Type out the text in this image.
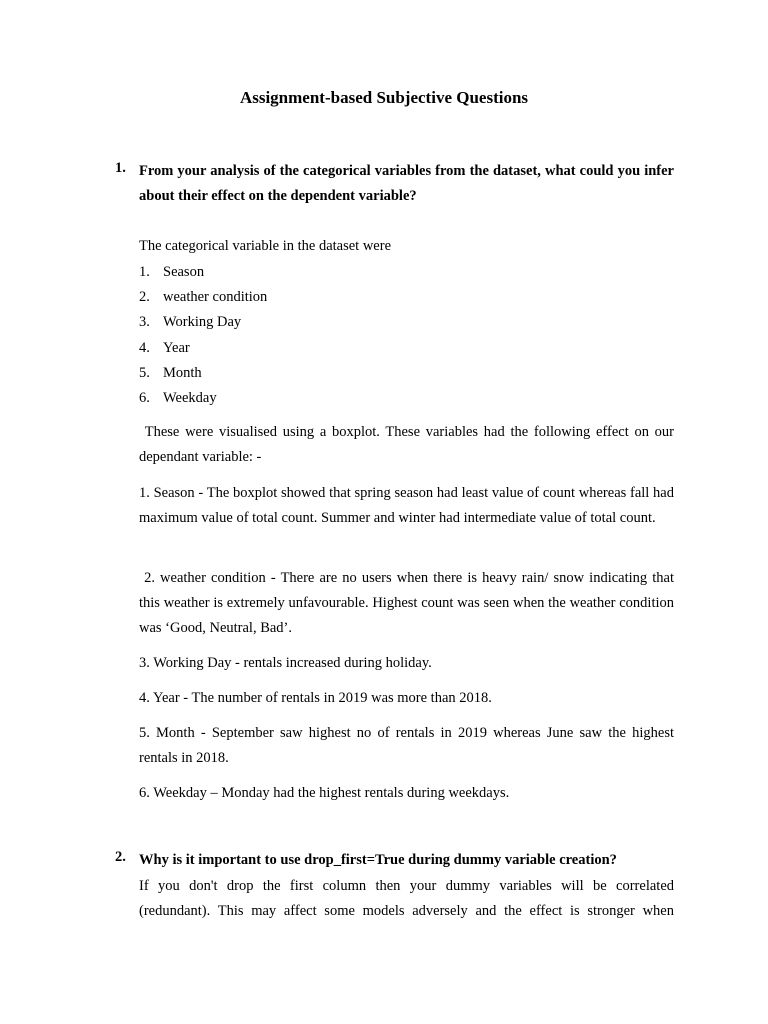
Assignment-based Subjective Questions
1. From your analysis of the categorical variables from the dataset, what could you infer about their effect on the dependent variable?

The categorical variable in the dataset were

1. Season
2. weather condition
3. Working Day
4. Year
5. Month
6. Weekday

These were visualised using a boxplot. These variables had the following effect on our dependant variable: -

1. Season - The boxplot showed that spring season had least value of count whereas fall had maximum value of total count. Summer and winter had intermediate value of total count.

2. weather condition - There are no users when there is heavy rain/ snow indicating that this weather is extremely unfavourable. Highest count was seen when the weather condition was ‘Good, Neutral, Bad’.

3. Working Day - rentals increased during holiday.

4. Year - The number of rentals in 2019 was more than 2018.

5. Month - September saw highest no of rentals in 2019 whereas June saw the highest rentals in 2018.

6. Weekday – Monday had the highest rentals during weekdays.

2. Why is it important to use drop_first=True during dummy variable creation?

If you don't drop the first column then your dummy variables will be correlated (redundant). This may affect some models adversely and the effect is stronger when
